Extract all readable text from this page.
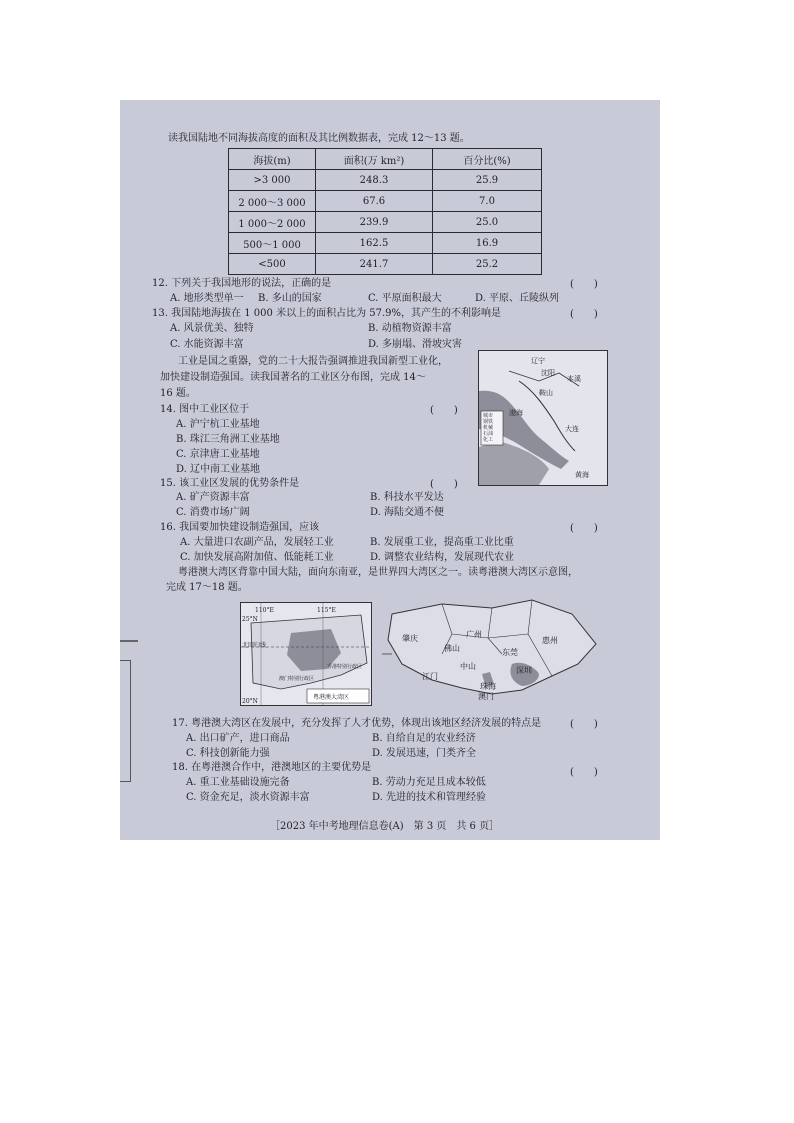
读我国陆地不同海拔高度的面积及其比例数据表，完成 12～13 题。
海拔(m)	面积(万 km²)	百分比(%)
>3 000	248.3	25.9
2 000～3 000	67.6	7.0
1 000～2 000	239.9	25.0
500～1 000	162.5	16.9
<500	241.7	25.2
12. 下列关于我国地形的说法，正确的是	(　　)
A. 地形类型单一 B. 多山的国家	C. 平原面积最大	D. 平原、丘陵纵列
13. 我国陆地海拔在 1 000 米以上的面积占比为 57.9%，其产生的不利影响是	(　　)
A. 风景优美、独特	B. 动植物资源丰富
C. 水能资源丰富	D. 多崩塌、滑坡灾害
工业是国之重器，党的二十大报告强调推进我国新型工业化，
加快建设制造强国。读我国著名的工业区分布图，完成 14～
16 题。
辽宁
沈阳
本溪
鞍山
大连
渤海
黄海
城市
钢铁
机械
石油
化工
14. 图中工业区位于	(　　)
A. 沪宁杭工业基地
B. 珠江三角洲工业基地
C. 京津唐工业基地
D. 辽中南工业基地
15. 该工业区发展的优势条件是	(　　)
A. 矿产资源丰富	B. 科技水平发达
C. 消费市场广阔	D. 海陆交通不便
16. 我国要加快建设制造强国，应该	(　　)
A. 大量进口农副产品，发展轻工业	B. 发展重工业，提高重工业比重
C. 加快发展高附加值、低能耗工业	D. 调整农业结构，发展现代农业
粤港澳大湾区背靠中国大陆，面向东南亚，是世界四大湾区之一。读粤港澳大湾区示意图，
完成 17～18 题。
110°E	115°E
25°N
20°N
北回归线
香港特别行政区
澳门特别行政区
粤港澳大湾区
广州
肇庆
佛山
惠州
东莞
中山
江门
深圳
珠海
澳门
17. 粤港澳大湾区在发展中，充分发挥了人才优势，体现出该地区经济发展的特点是	(　　)
A. 出口矿产，进口商品	B. 自给自足的农业经济
C. 科技创新能力强	D. 发展迅速，门类齐全
18. 在粤港澳合作中，港澳地区的主要优势是	(　　)
A. 重工业基础设施完备	B. 劳动力充足且成本较低
C. 资金充足，淡水资源丰富	D. 先进的技术和管理经验
［2023 年中考地理信息卷(A)　第 3 页　共 6 页］
